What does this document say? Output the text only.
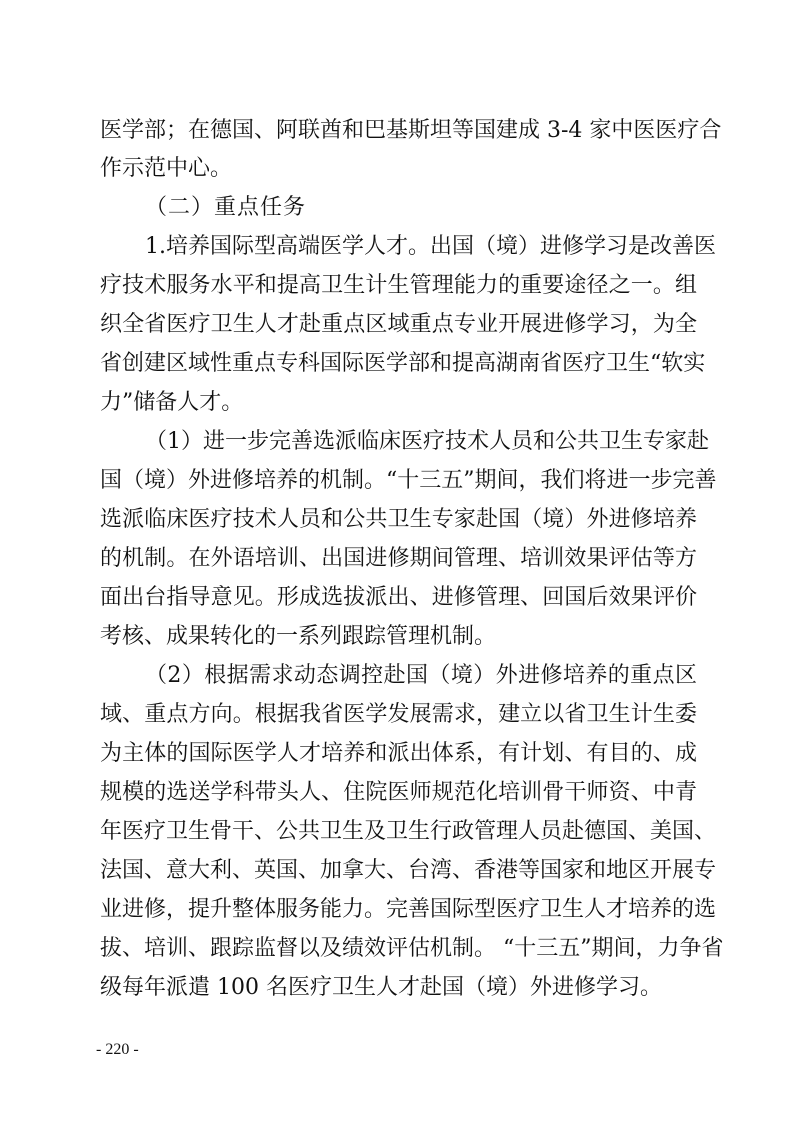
医学部；在德国、阿联酋和巴基斯坦等国建成 3-4 家中医医疗合
作示范中心。
（二）重点任务
1.培养国际型高端医学人才。出国（境）进修学习是改善医
疗技术服务水平和提高卫生计生管理能力的重要途径之一。组
织全省医疗卫生人才赴重点区域重点专业开展进修学习，为全
省创建区域性重点专科国际医学部和提高湖南省医疗卫生“软实
力”储备人才。
（1）进一步完善选派临床医疗技术人员和公共卫生专家赴
国（境）外进修培养的机制。“十三五”期间，我们将进一步完善
选派临床医疗技术人员和公共卫生专家赴国（境）外进修培养
的机制。在外语培训、出国进修期间管理、培训效果评估等方
面出台指导意见。形成选拔派出、进修管理、回国后效果评价
考核、成果转化的一系列跟踪管理机制。
（2）根据需求动态调控赴国（境）外进修培养的重点区
域、重点方向。根据我省医学发展需求，建立以省卫生计生委
为主体的国际医学人才培养和派出体系，有计划、有目的、成
规模的选送学科带头人、住院医师规范化培训骨干师资、中青
年医疗卫生骨干、公共卫生及卫生行政管理人员赴德国、美国、
法国、意大利、英国、加拿大、台湾、香港等国家和地区开展专
业进修，提升整体服务能力。完善国际型医疗卫生人才培养的选
拔、培训、跟踪监督以及绩效评估机制。 “十三五”期间，力争省
级每年派遣 100 名医疗卫生人才赴国（境）外进修学习。
- 220 -
